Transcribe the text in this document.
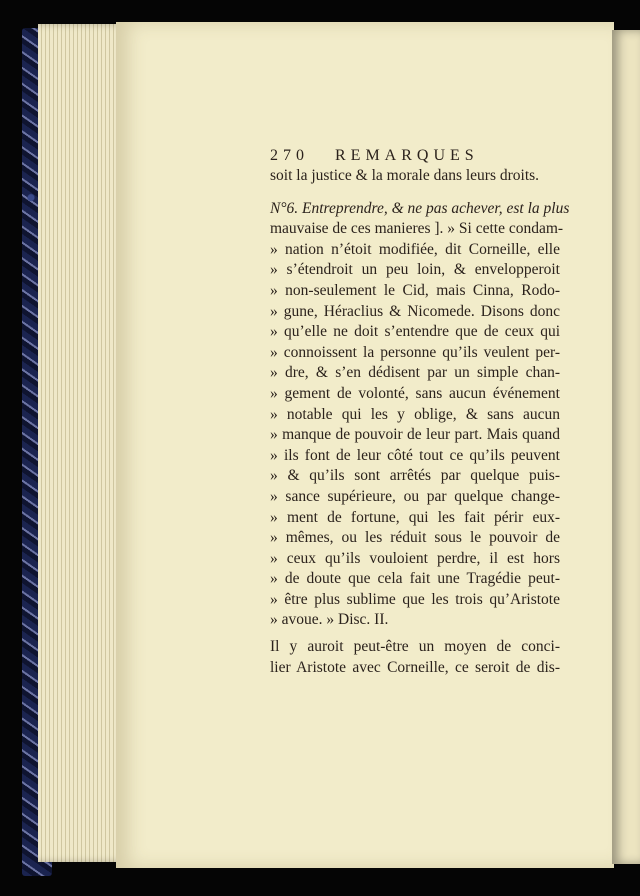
270 REMARQUES
soit la justice & la morale dans leurs droits.
N°6. Entreprendre, & ne pas achever, est la plus
mauvaise de ces manieres ]. » Si cette condam-
» nation n’étoit modifiée, dit Corneille, elle
» s’étendroit un peu loin, & envelopperoit
» non-seulement le Cid, mais Cinna, Rodo-
» gune, Héraclius & Nicomede. Disons donc
» qu’elle ne doit s’entendre que de ceux qui
» connoissent la personne qu’ils veulent per-
» dre, & s’en dédisent par un simple chan-
» gement de volonté, sans aucun événement
» notable qui les y oblige, & sans aucun
» manque de pouvoir de leur part. Mais quand
» ils font de leur côté tout ce qu’ils peuvent
» & qu’ils sont arrêtés par quelque puis-
» sance supérieure, ou par quelque change-
» ment de fortune, qui les fait périr eux-
» mêmes, ou les réduit sous le pouvoir de
» ceux qu’ils vouloient perdre, il est hors
» de doute que cela fait une Tragédie peut-
» être plus sublime que les trois qu’Aristote
» avoue. » Disc. II.
Il y auroit peut-être un moyen de conci-
lier Aristote avec Corneille, ce seroit de dis-
